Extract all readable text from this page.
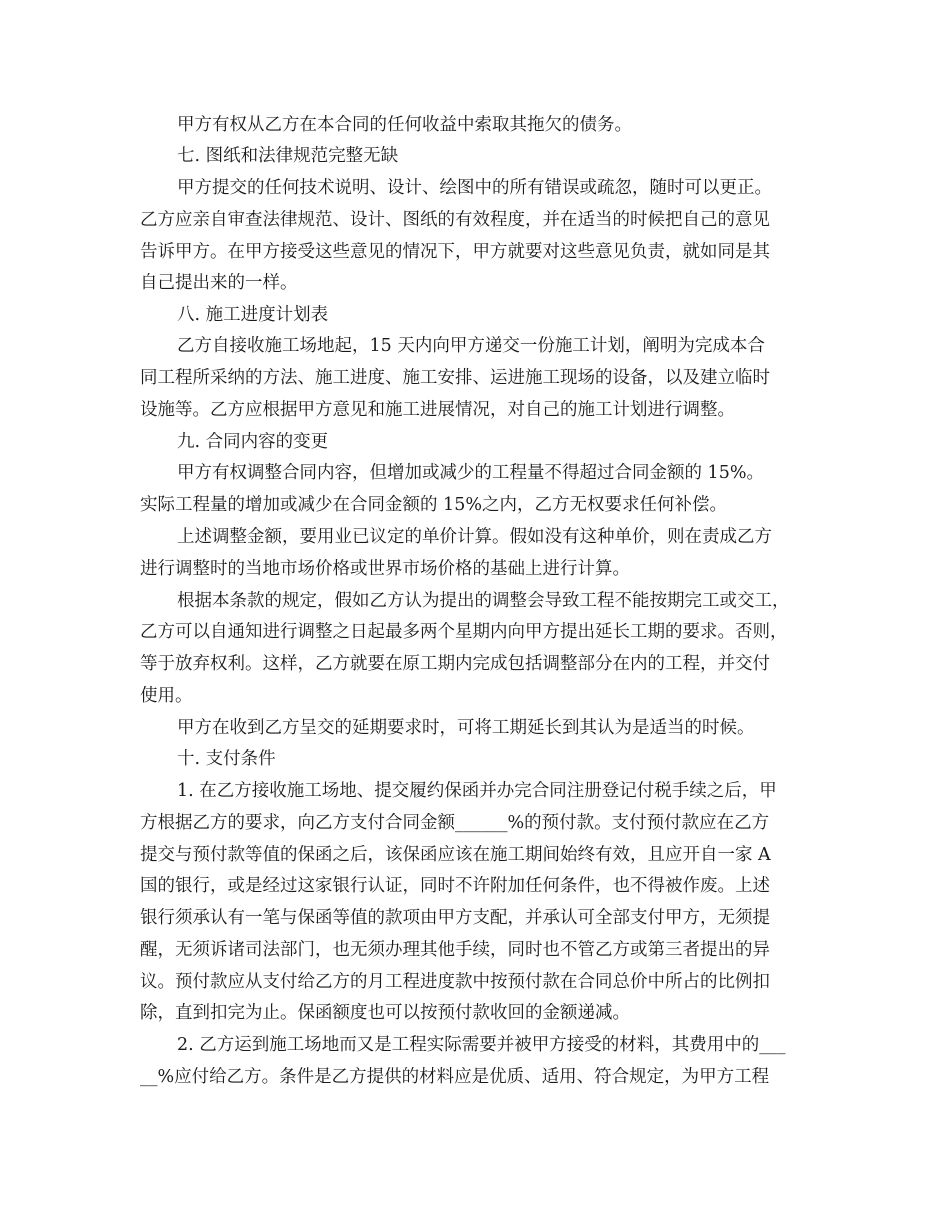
甲方有权从乙方在本合同的任何收益中索取其拖欠的债务。
七. 图纸和法律规范完整无缺
甲方提交的任何技术说明、设计、绘图中的所有错误或疏忽，随时可以更正。
乙方应亲自审查法律规范、设计、图纸的有效程度，并在适当的时候把自己的意见
告诉甲方。在甲方接受这些意见的情况下，甲方就要对这些意见负责，就如同是其
自己提出来的一样。
八. 施工进度计划表
乙方自接收施工场地起，15 天内向甲方递交一份施工计划，阐明为完成本合
同工程所采纳的方法、施工进度、施工安排、运进施工现场的设备，以及建立临时
设施等。乙方应根据甲方意见和施工进展情况，对自己的施工计划进行调整。
九. 合同内容的变更
甲方有权调整合同内容，但增加或减少的工程量不得超过合同金额的 15%。
实际工程量的增加或减少在合同金额的 15%之内，乙方无权要求任何补偿。
上述调整金额，要用业已议定的单价计算。假如没有这种单价，则在责成乙方
进行调整时的当地市场价格或世界市场价格的基础上进行计算。
根据本条款的规定，假如乙方认为提出的调整会导致工程不能按期完工或交工，
乙方可以自通知进行调整之日起最多两个星期内向甲方提出延长工期的要求。否则，
等于放弃权利。这样，乙方就要在原工期内完成包括调整部分在内的工程，并交付
使用。
甲方在收到乙方呈交的延期要求时，可将工期延长到其认为是适当的时候。
十. 支付条件
1. 在乙方接收施工场地、提交履约保函并办完合同注册登记付税手续之后，甲
方根据乙方的要求，向乙方支付合同金额______%的预付款。支付预付款应在乙方
提交与预付款等值的保函之后，该保函应该在施工期间始终有效，且应开自一家 A
国的银行，或是经过这家银行认证，同时不许附加任何条件，也不得被作废。上述
银行须承认有一笔与保函等值的款项由甲方支配，并承认可全部支付甲方，无须提
醒，无须诉诸司法部门，也无须办理其他手续，同时也不管乙方或第三者提出的异
议。预付款应从支付给乙方的月工程进度款中按预付款在合同总价中所占的比例扣
除，直到扣完为止。保函额度也可以按预付款收回的金额递减。
2. 乙方运到施工场地而又是工程实际需要并被甲方接受的材料，其费用中的___
__%应付给乙方。条件是乙方提供的材料应是优质、适用、符合规定，为甲方工程
